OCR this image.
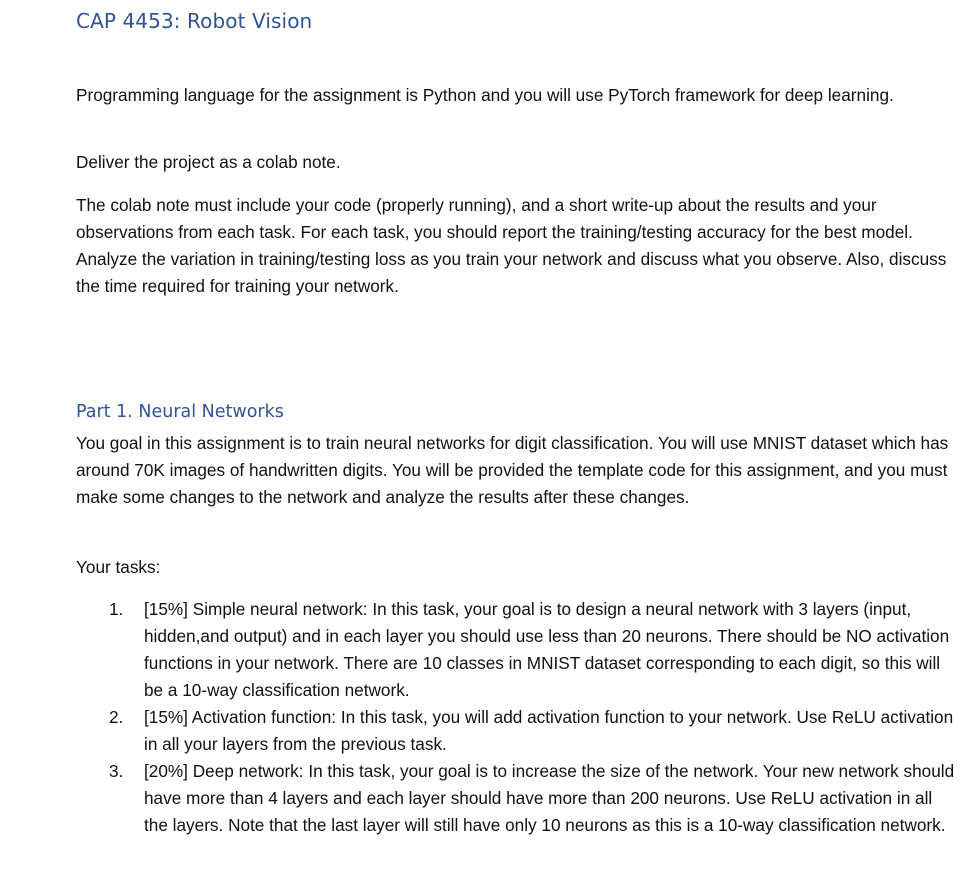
CAP 4453: Robot Vision

Programming language for the assignment is Python and you will use PyTorch framework for deep learning.

Deliver the project as a colab note.

The colab note must include your code (properly running), and a short write-up about the results and your observations from each task. For each task, you should report the training/testing accuracy for the best model. Analyze the variation in training/testing loss as you train your network and discuss what you observe. Also, discuss the time required for training your network.

Part 1. Neural Networks

You goal in this assignment is to train neural networks for digit classification. You will use MNIST dataset which has around 70K images of handwritten digits. You will be provided the template code for this assignment, and you must make some changes to the network and analyze the results after these changes.

Your tasks:

1. [15%] Simple neural network: In this task, your goal is to design a neural network with 3 layers (input, hidden,and output) and in each layer you should use less than 20 neurons. There should be NO activation functions in your network. There are 10 classes in MNIST dataset corresponding to each digit, so this will be a 10-way classification network.
2. [15%] Activation function: In this task, you will add activation function to your network. Use ReLU activation in all your layers from the previous task.
3. [20%] Deep network: In this task, your goal is to increase the size of the network. Your new network should have more than 4 layers and each layer should have more than 200 neurons. Use ReLU activation in all the layers. Note that the last layer will still have only 10 neurons as this is a 10-way classification network.
